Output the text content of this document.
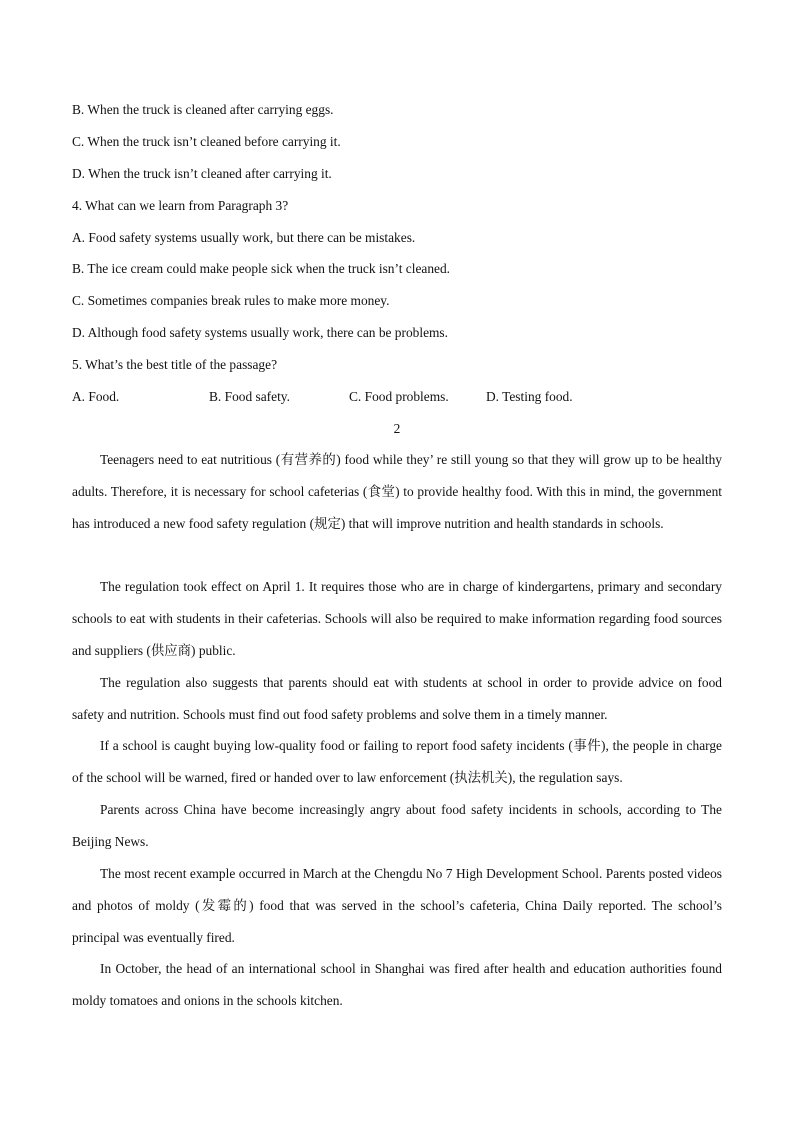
B. When the truck is cleaned after carrying eggs.
C. When the truck isn’t cleaned before carrying it.
D. When the truck isn’t cleaned after carrying it.
4. What can we learn from Paragraph 3?
A. Food safety systems usually work, but there can be mistakes.
B. The ice cream could make people sick when the truck isn’t cleaned.
C. Sometimes companies break rules to make more money.
D. Although food safety systems usually work, there can be problems.
5. What’s the best title of the passage?
A. Food.	B. Food safety.	C. Food problems.	D. Testing food.
2

Teenagers need to eat nutritious (有营养的) food while they’ re still young so that they will grow up to be healthy adults. Therefore, it is necessary for school cafeterias (食堂) to provide healthy food. With this in mind, the government has introduced a new food safety regulation (规定) that will improve nutrition and health standards in schools.

The regulation took effect on April 1. It requires those who are in charge of kindergartens, primary and secondary schools to eat with students in their cafeterias. Schools will also be required to make information regarding food sources and suppliers (供应商) public.

The regulation also suggests that parents should eat with students at school in order to provide advice on food safety and nutrition. Schools must find out food safety problems and solve them in a timely manner.

If a school is caught buying low-quality food or failing to report food safety incidents (事件), the people in charge of the school will be warned, fired or handed over to law enforcement (执法机关), the regulation says.

Parents across China have become increasingly angry about food safety incidents in schools, according to The Beijing News.

The most recent example occurred in March at the Chengdu No 7 High Development School. Parents posted videos and photos of moldy (发霉的) food that was served in the school’s cafeteria, China Daily reported. The school’s principal was eventually fired.

In October, the head of an international school in Shanghai was fired after health and education authorities found moldy tomatoes and onions in the schools kitchen.
